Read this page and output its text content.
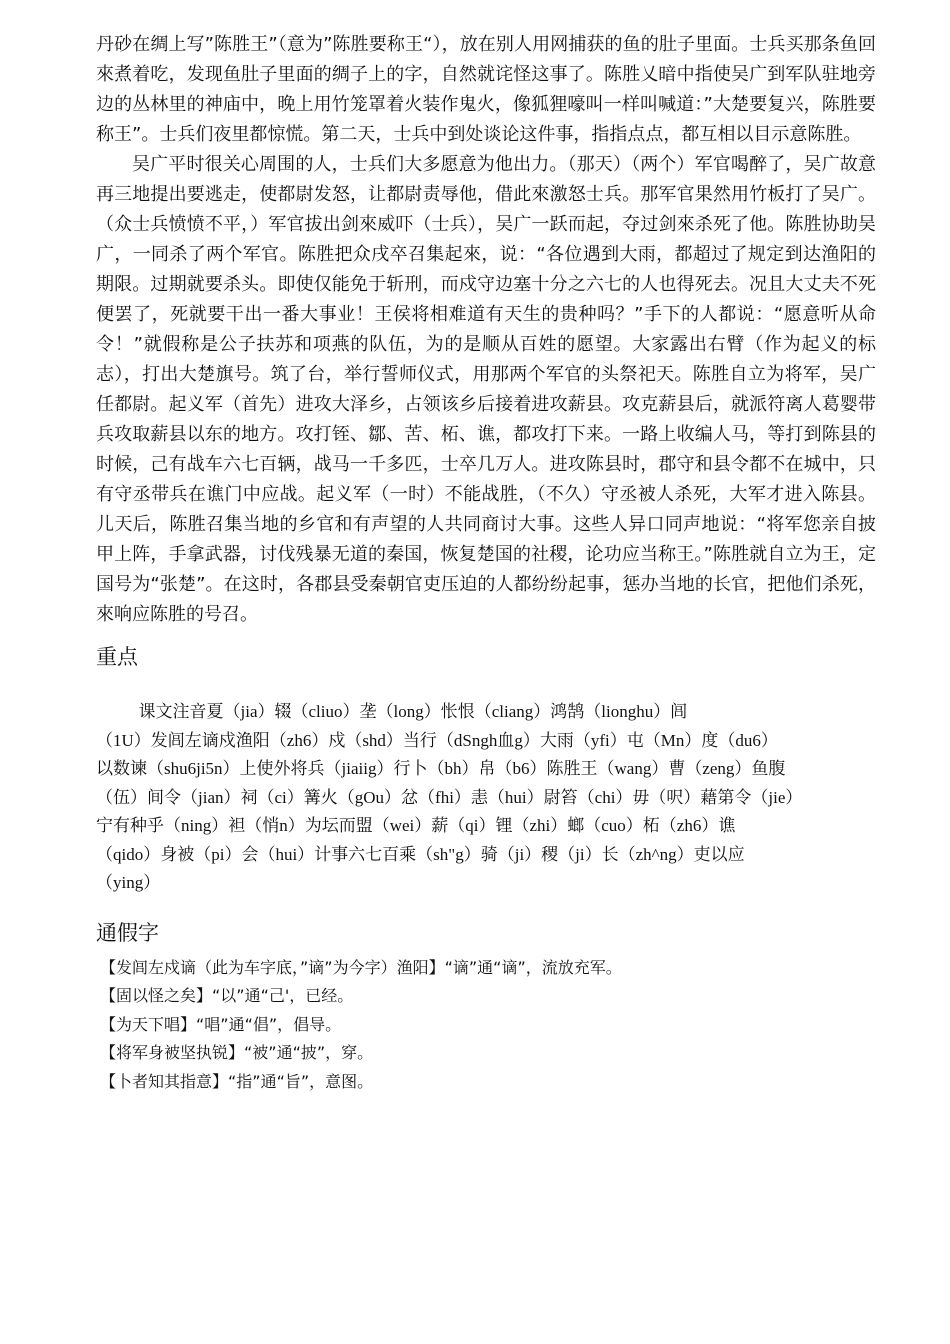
丹砂在绸上写”陈胜王”（意为”陈胜要称王“），放在别人用网捕获的鱼的肚子里面。士兵买那条鱼回來煮着吃，发现鱼肚子里面的绸子上的字，自然就诧怪这事了。陈胜乂暗中指使吴广到军队驻地旁边的丛林里的神庙中，晚上用竹笼罩着火装作鬼火，像狐狸嚎叫一样叫喊道：”大楚要复兴，陈胜要称王”。士兵们夜里都惊慌。第二天，士兵中到处谈论这件事，指指点点，都互相以目示意陈胜。

吴广平时很关心周围的人，士兵们大多愿意为他出力。（那天）（两个）军官喝醉了，吴广故意再三地提出要逃走，使都尉发怒，让都尉责辱他，借此來激怒士兵。那军官果然用竹板打了吴广。（众士兵愤愤不平，）军官拔出剑來威吓（士兵），吴广一跃而起，夺过剑來杀死了他。陈胜协助吴广，一同杀了两个军官。陈胜把众戌卒召集起來，说：“各位遇到大雨，都超过了规定到达渔阳的期限。过期就要杀头。即使仅能免于斩刑，而戍守边塞十分之六七的人也得死去。况且大丈夫不死便罢了，死就要干出一番大事业！王侯将相难道有天生的贵种吗？”手下的人都说：“愿意听从命令！”就假称是公子扶苏和项燕的队伍，为的是顺从百姓的愿望。大家露出右臂（作为起义的标志），打出大楚旗号。筑了台，举行誓师仪式，用那两个军官的头祭祀天。陈胜自立为将军，吴广任都尉。起义军（首先）进攻大泽乡，占领该乡后接着进攻薪县。攻克薪县后，就派符离人葛婴带兵攻取薪县以东的地方。攻打铚、鄒、苦、柘、谯，都攻打下来。一路上收编人马，等打到陈县的时候，己有战车六七百辆，战马一千多匹，士卒几万人。进攻陈县时，郡守和县令都不在城中，只有守丞带兵在谯门中应战。起义军（一时）不能战胜，（不久）守丞被人杀死，大军才进入陈县。儿天后，陈胜召集当地的乡官和有声望的人共同商讨大事。这些人异口同声地说：“将军您亲自披甲上阵，手拿武器，讨伐残暴无道的秦国，恢复楚国的社稷，论功应当称王。”陈胜就自立为王，定国号为“张楚”。在这时，各郡县受秦朝官吏压迫的人都纷纷起事，惩办当地的长官，把他们杀死，來响应陈胜的号召。

重点
课文注音夏（jia）辍（cliuo）垄（long）怅恨（cliang）鸿鹄（lionghu）闾
（1U）发闾左谪戍渔阳（zh6）戍（shd）当行（dSngh血g）大雨（yfi）屯（Mn）度（du6）
以数谏（shu6ji5n）上使外将兵（jiaiig）行卜（bh）帛（b6）陈胜王（wang）曹（zeng）鱼腹
（伍）间令（jian）祠（ci）篝火（gOu）忿（fhi）恚（hui）尉笞（chi）毋（呎）藉第令（jie）
宁有种乎（ning）袒（悄n）为坛而盟（wei）薪（qi）锂（zhi）螂（cuo）柘（zh6）谯
（qido）身被（pi）会（hui）计事六七百乘（sh"g）骑（ji）稷（ji）长（zh^ng）吏以应
（ying）
通假字
【发闾左戍谪（此为车字底，”谪”为今字）渔阳】“谪”通“谪”，流放充军。
【固以怪之矣】“以”通“己'，已经。
【为天下唱】“唱”通“倡”，倡导。
【将军身被坚执锐】“被”通“披”，穿。
【卜者知其指意】“指”通“旨”，意图。
